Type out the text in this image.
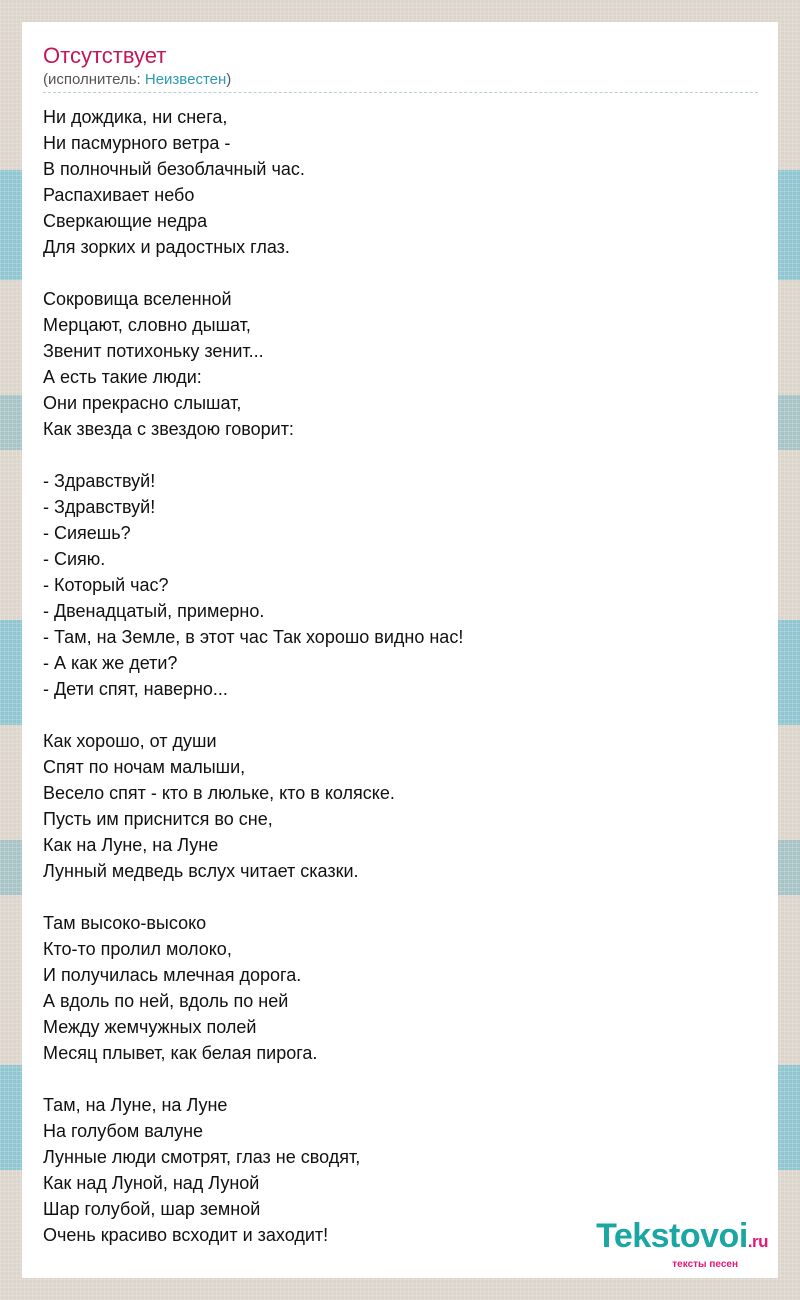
Отсутствует
(исполнитель: Неизвестен)
Ни дождика, ни снега,
Ни пасмурного ветра -
В полночный безоблачный час.
Распахивает небо
Сверкающие недра
Для зорких и радостных глаз.
Сокровища вселенной
Мерцают, словно дышат,
Звенит потихоньку зенит...
А есть такие люди:
Они прекрасно слышат,
Как звезда с звездою говорит:
- Здравствуй!
- Здравствуй!
- Сияешь?
- Сияю.
- Который час?
- Двенадцатый, примерно.
- Там, на Земле, в этот час Так хорошо видно нас!
- А как же дети?
- Дети спят, наверно...
Как хорошо, от души
Спят по ночам малыши,
Весело спят - кто в люльке, кто в коляске.
Пусть им приснится во сне,
Как на Луне, на Луне
Лунный медведь вслух читает сказки.
Там высоко-высоко
Кто-то пролил молоко,
И получилась млечная дорога.
А вдоль по ней, вдоль по ней
Между жемчужных полей
Месяц плывет, как белая пирога.
Там, на Луне, на Луне
На голубом валуне
Лунные люди смотрят, глаз не сводят,
Как над Луной, над Луной
Шар голубой, шар земной
Очень красиво всходит и заходит!	Tekstovoi.ru
тексты песен
